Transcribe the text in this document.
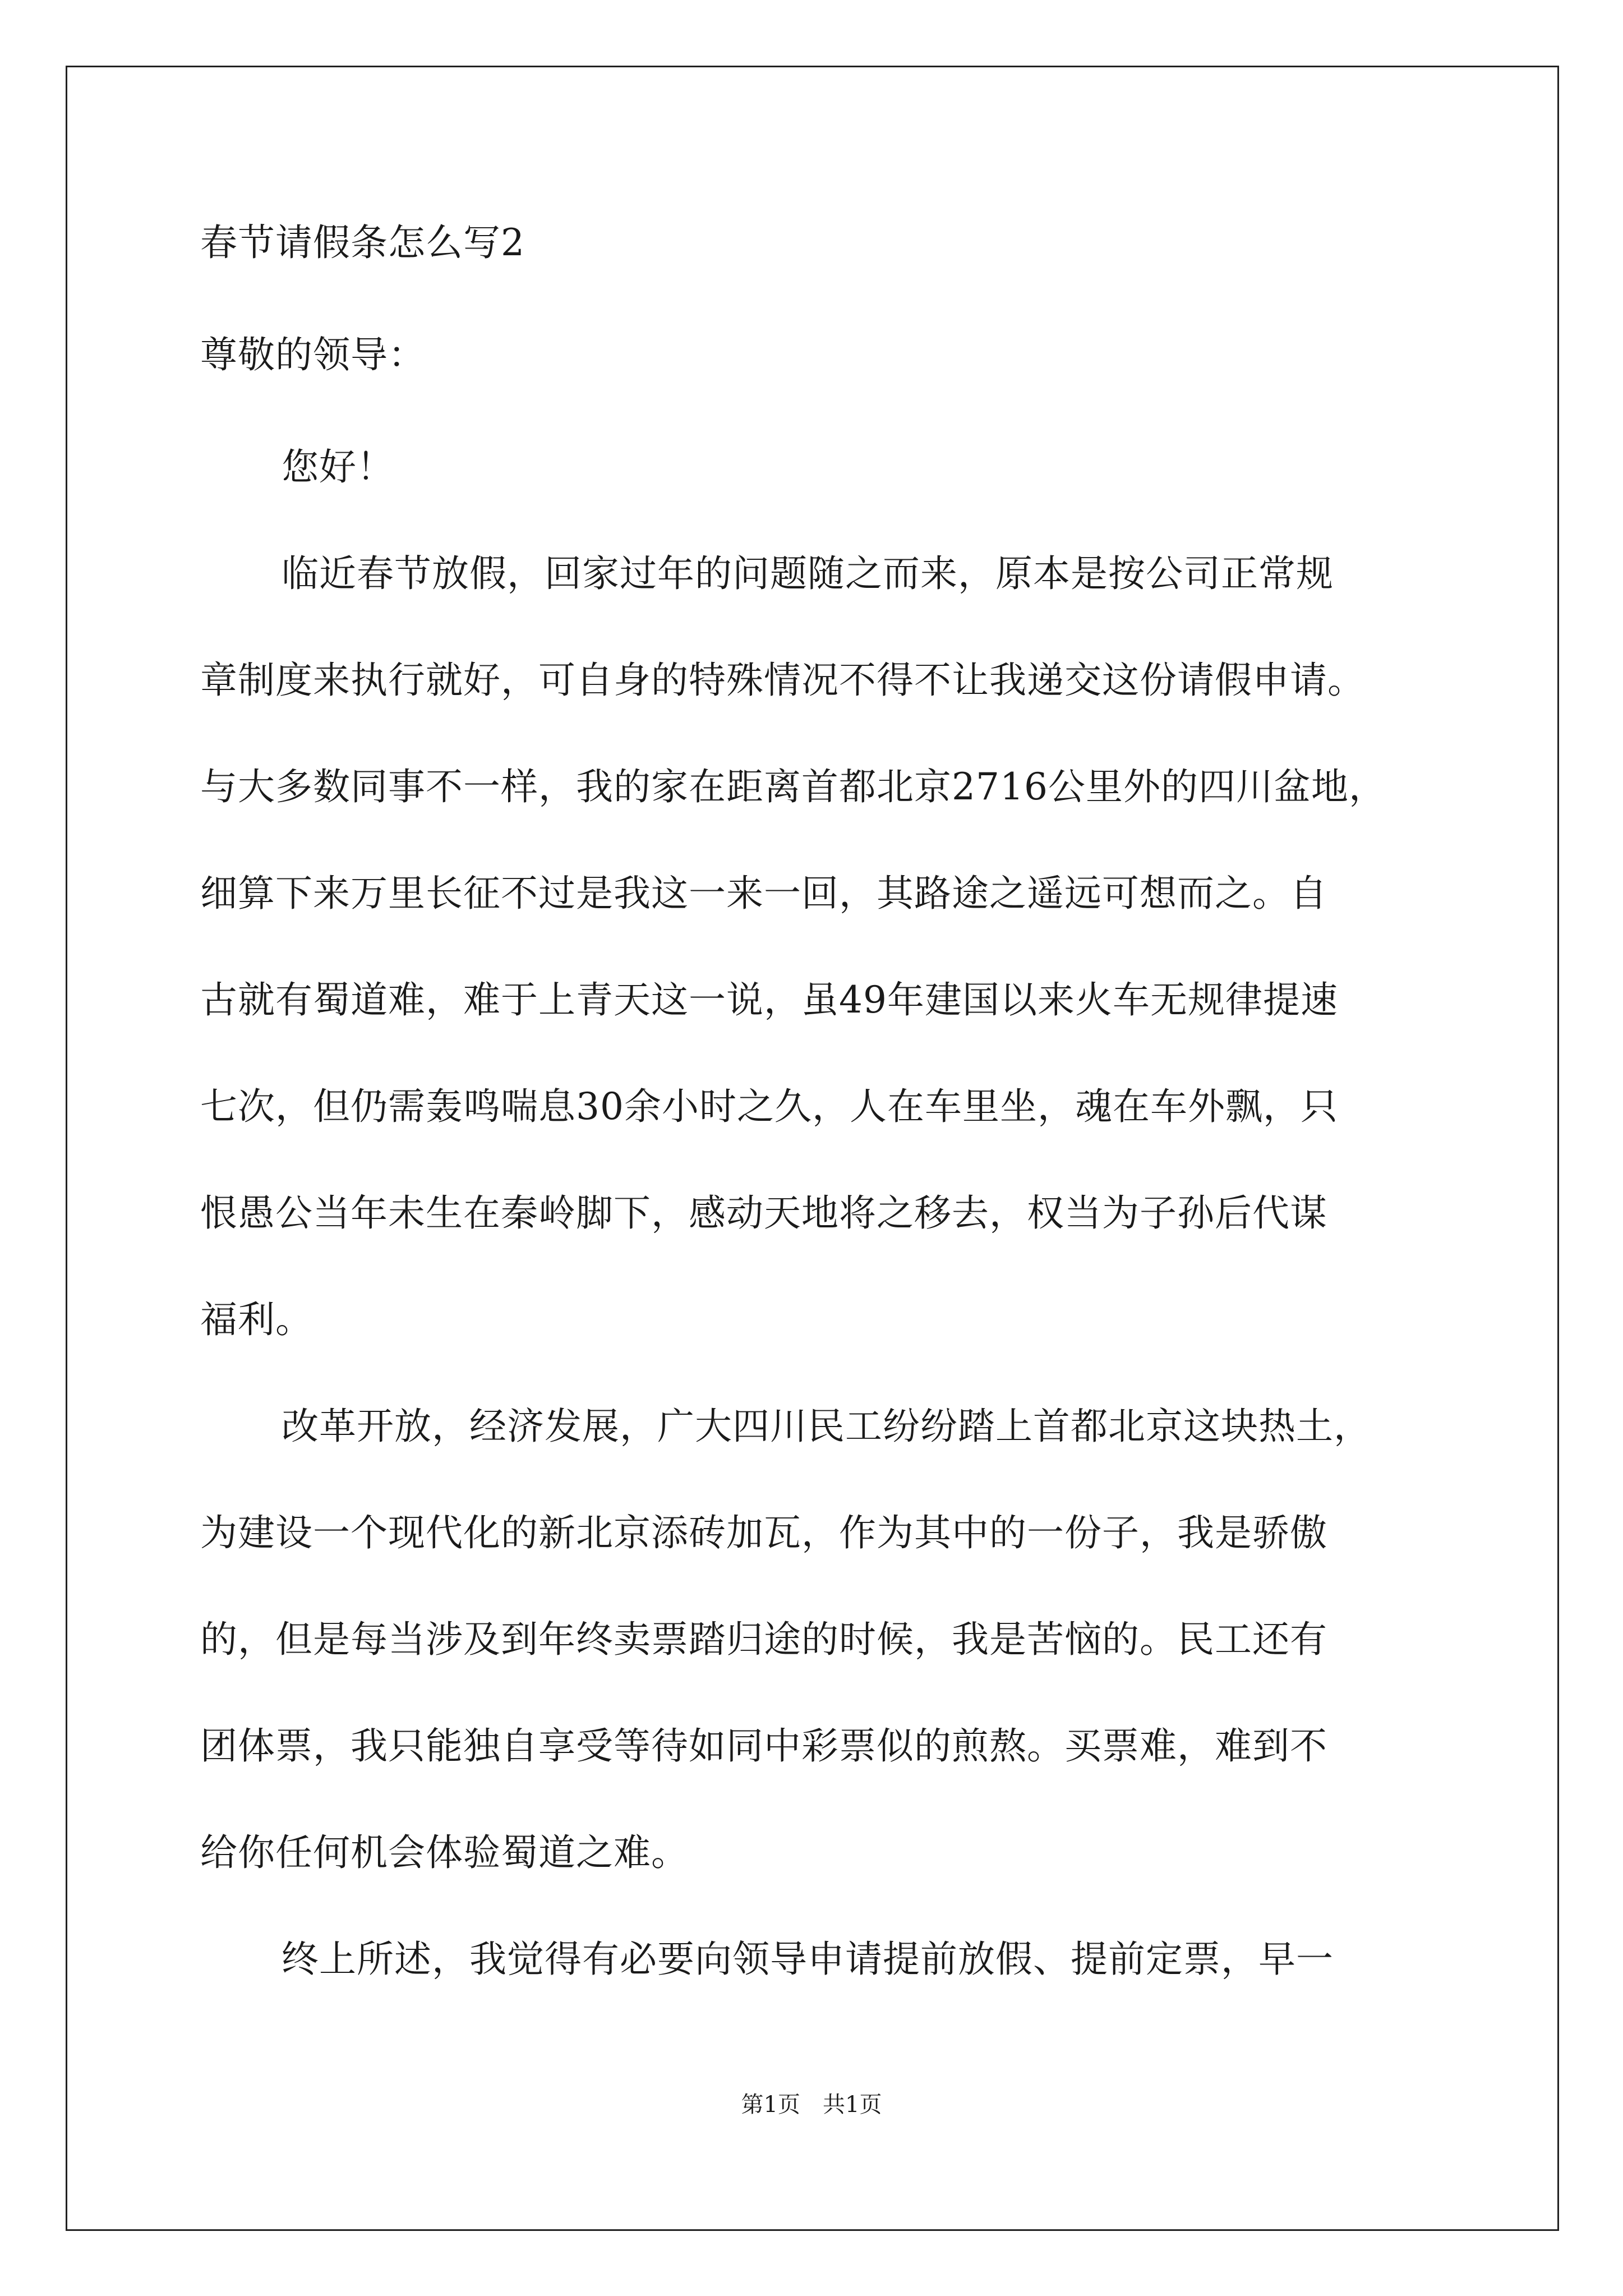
春节请假条怎么写2
尊敬的领导：
您好！
临近春节放假，回家过年的问题随之而来，原本是按公司正常规
章制度来执行就好，可自身的特殊情况不得不让我递交这份请假申请。
与大多数同事不一样，我的家在距离首都北京2716公里外的四川盆地，
细算下来万里长征不过是我这一来一回，其路途之遥远可想而之。自
古就有蜀道难，难于上青天这一说，虽49年建国以来火车无规律提速
七次，但仍需轰鸣喘息30余小时之久，人在车里坐，魂在车外飘，只
恨愚公当年未生在秦岭脚下，感动天地将之移去，权当为子孙后代谋
福利。
改革开放，经济发展，广大四川民工纷纷踏上首都北京这块热土，
为建设一个现代化的新北京添砖加瓦，作为其中的一份子，我是骄傲
的，但是每当涉及到年终卖票踏归途的时候，我是苦恼的。民工还有
团体票，我只能独自享受等待如同中彩票似的煎熬。买票难，难到不
给你任何机会体验蜀道之难。
终上所述，我觉得有必要向领导申请提前放假、提前定票，早一
第1页　共1页
